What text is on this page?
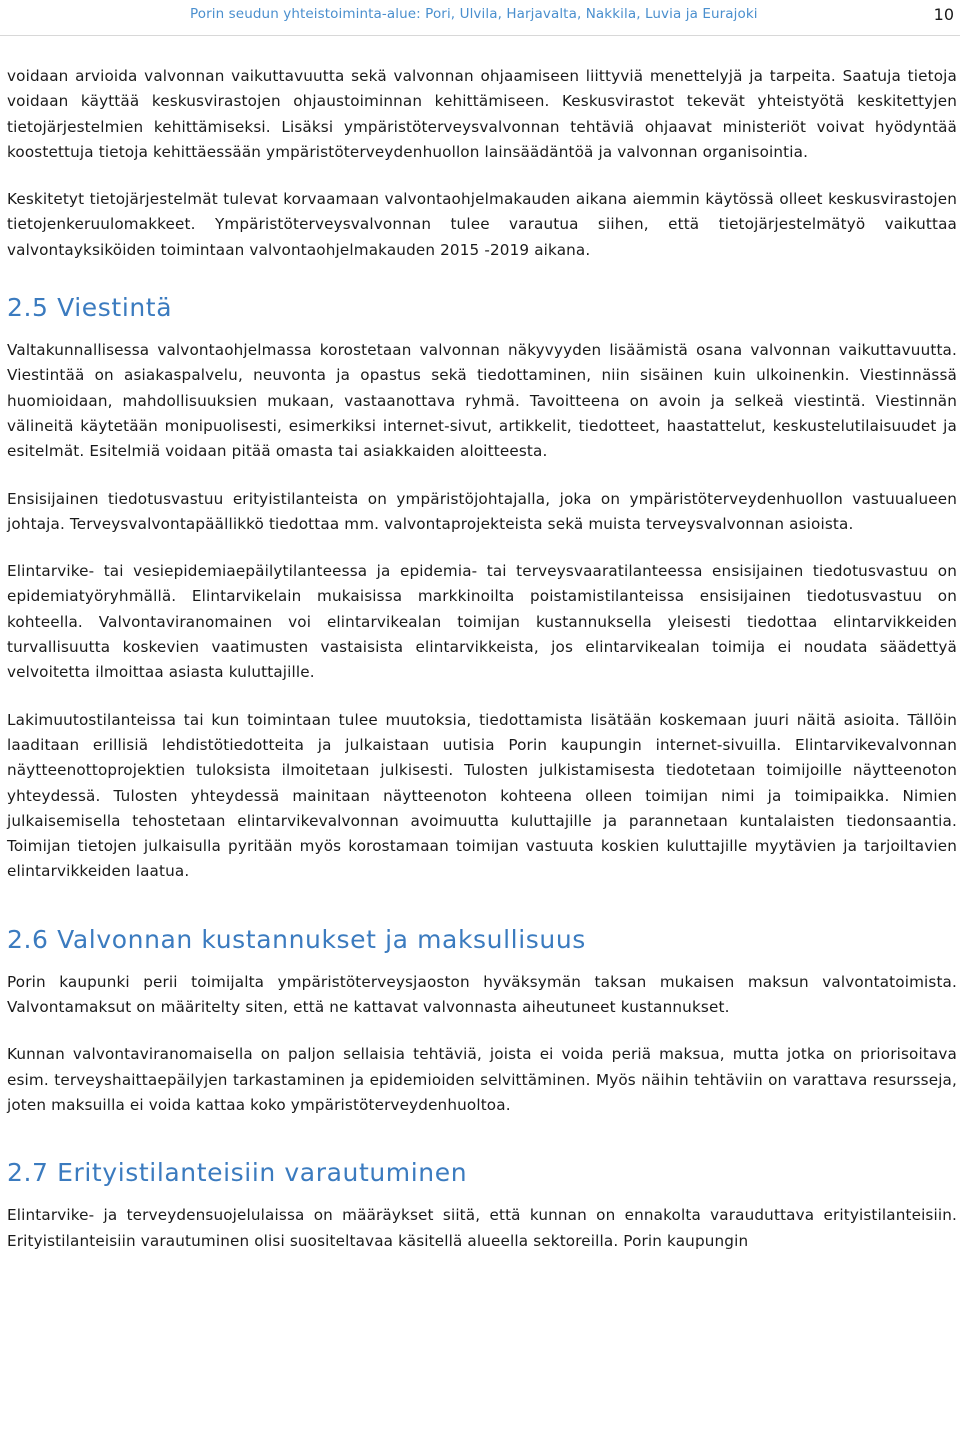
Porin seudun yhteistoiminta-alue: Pori, Ulvila, Harjavalta, Nakkila, Luvia ja Eurajoki	10

voidaan arvioida valvonnan vaikuttavuutta sekä valvonnan ohjaamiseen liittyviä menettelyjä ja tarpeita. Saatuja tietoja voidaan käyttää keskusvirastojen ohjaustoiminnan kehittämiseen. Keskusvirastot tekevät yhteistyötä keskitettyjen tietojärjestelmien kehittämiseksi. Lisäksi ympäristöterveysvalvonnan tehtäviä ohjaavat ministeriöt voivat hyödyntää koostettuja tietoja kehittäessään ympäristöterveydenhuollon lainsäädäntöä ja valvonnan organisointia.

Keskitetyt tietojärjestelmät tulevat korvaamaan valvontaohjelmakauden aikana aiemmin käytössä olleet keskusvirastojen tietojenkeruulomakkeet. Ympäristöterveysvalvonnan tulee varautua siihen, että tietojärjestelmätyö vaikuttaa valvontayksiköiden toimintaan valvontaohjelmakauden 2015 -2019 aikana.

2.5 Viestintä

Valtakunnallisessa valvontaohjelmassa korostetaan valvonnan näkyvyyden lisäämistä osana valvonnan vaikuttavuutta. Viestintää on asiakaspalvelu, neuvonta ja opastus sekä tiedottaminen, niin sisäinen kuin ulkoinenkin. Viestinnässä huomioidaan, mahdollisuuksien mukaan, vastaanottava ryhmä. Tavoitteena on avoin ja selkeä viestintä. Viestinnän välineitä käytetään monipuolisesti, esimerkiksi internet-sivut, artikkelit, tiedotteet, haastattelut, keskustelutilaisuudet ja esitelmät. Esitelmiä voidaan pitää omasta tai asiakkaiden aloitteesta.

Ensisijainen tiedotusvastuu erityistilanteista on ympäristöjohtajalla, joka on ympäristöterveydenhuollon vastuualueen johtaja. Terveysvalvontapäällikkö tiedottaa mm. valvontaprojekteista sekä muista terveysvalvonnan asioista.

Elintarvike- tai vesiepidemiaepäilytilanteessa ja epidemia- tai terveysvaaratilanteessa ensisijainen tiedotusvastuu on epidemiatyöryhmällä. Elintarvikelain mukaisissa markkinoilta poistamistilanteissa ensisijainen tiedotusvastuu on kohteella. Valvontaviranomainen voi elintarvikealan toimijan kustannuksella yleisesti tiedottaa elintarvikkeiden turvallisuutta koskevien vaatimusten vastaisista elintarvikkeista, jos elintarvikealan toimija ei noudata säädettyä velvoitetta ilmoittaa asiasta kuluttajille.

Lakimuutostilanteissa tai kun toimintaan tulee muutoksia, tiedottamista lisätään koskemaan juuri näitä asioita. Tällöin laaditaan erillisiä lehdistötiedotteita ja julkaistaan uutisia Porin kaupungin internet-sivuilla. Elintarvikevalvonnan näytteenottoprojektien tuloksista ilmoitetaan julkisesti. Tulosten julkistamisesta tiedotetaan toimijoille näytteenoton yhteydessä. Tulosten yhteydessä mainitaan näytteenoton kohteena olleen toimijan nimi ja toimipaikka. Nimien julkaisemisella tehostetaan elintarvikevalvonnan avoimuutta kuluttajille ja parannetaan kuntalaisten tiedonsaantia. Toimijan tietojen julkaisulla pyritään myös korostamaan toimijan vastuuta koskien kuluttajille myytävien ja tarjoiltavien elintarvikkeiden laatua.

2.6 Valvonnan kustannukset ja maksullisuus

Porin kaupunki perii toimijalta ympäristöterveysjaoston hyväksymän taksan mukaisen maksun valvontatoimista. Valvontamaksut on määritelty siten, että ne kattavat valvonnasta aiheutuneet kustannukset.

Kunnan valvontaviranomaisella on paljon sellaisia tehtäviä, joista ei voida periä maksua, mutta jotka on priorisoitava esim. terveyshaittaepäilyjen tarkastaminen ja epidemioiden selvittäminen. Myös näihin tehtäviin on varattava resursseja, joten maksuilla ei voida kattaa koko ympäristöterveydenhuoltoa.

2.7 Erityistilanteisiin varautuminen

Elintarvike- ja terveydensuojelulaissa on määräykset siitä, että kunnan on ennakolta varauduttava erityistilanteisiin. Erityistilanteisiin varautuminen olisi suositeltavaa käsitellä alueella sektoreilla. Porin kaupungin
